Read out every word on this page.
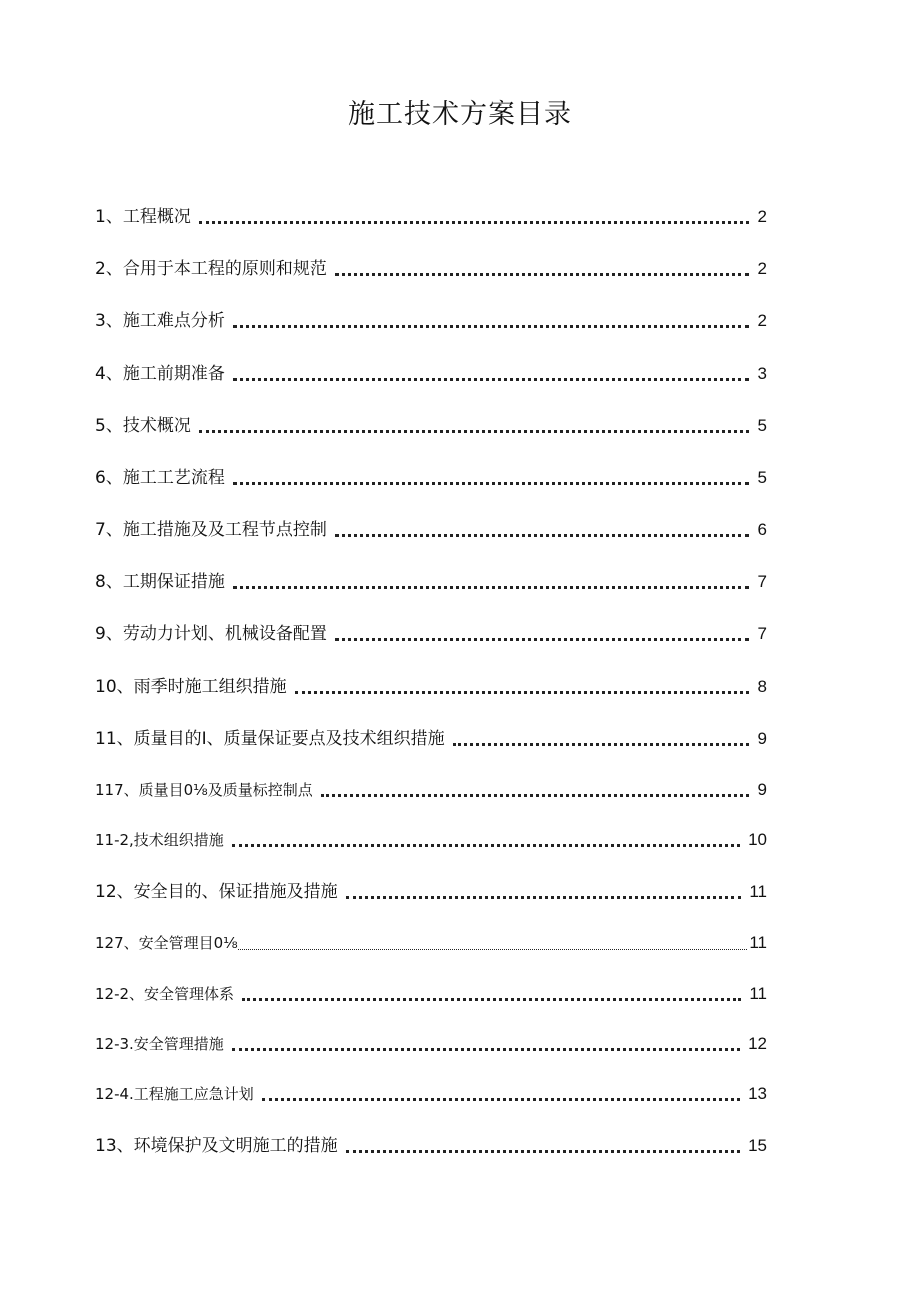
施工技术方案目录
1、工程概况	2
2、合用于本工程的原则和规范	2
3、施工难点分析	2
4、施工前期准备	3
5、技术概况	5
6、施工工艺流程	5
7、施工措施及及工程节点控制	6
8、工期保证措施	7
9、劳动力计划、机械设备配置	7
10、雨季时施工组织措施	8
11、质量目的I、质量保证要点及技术组织措施	9
117、质量目0⅛及质量标控制点	9
11-2,技术组织措施	10
12、安全目的、保证措施及措施	11
127、安全管理目0⅛	11
12-2、安全管理体系	11
12-3.安全管理措施	12
12-4.工程施工应急计划	13
13、环境保护及文明施工的措施	15
